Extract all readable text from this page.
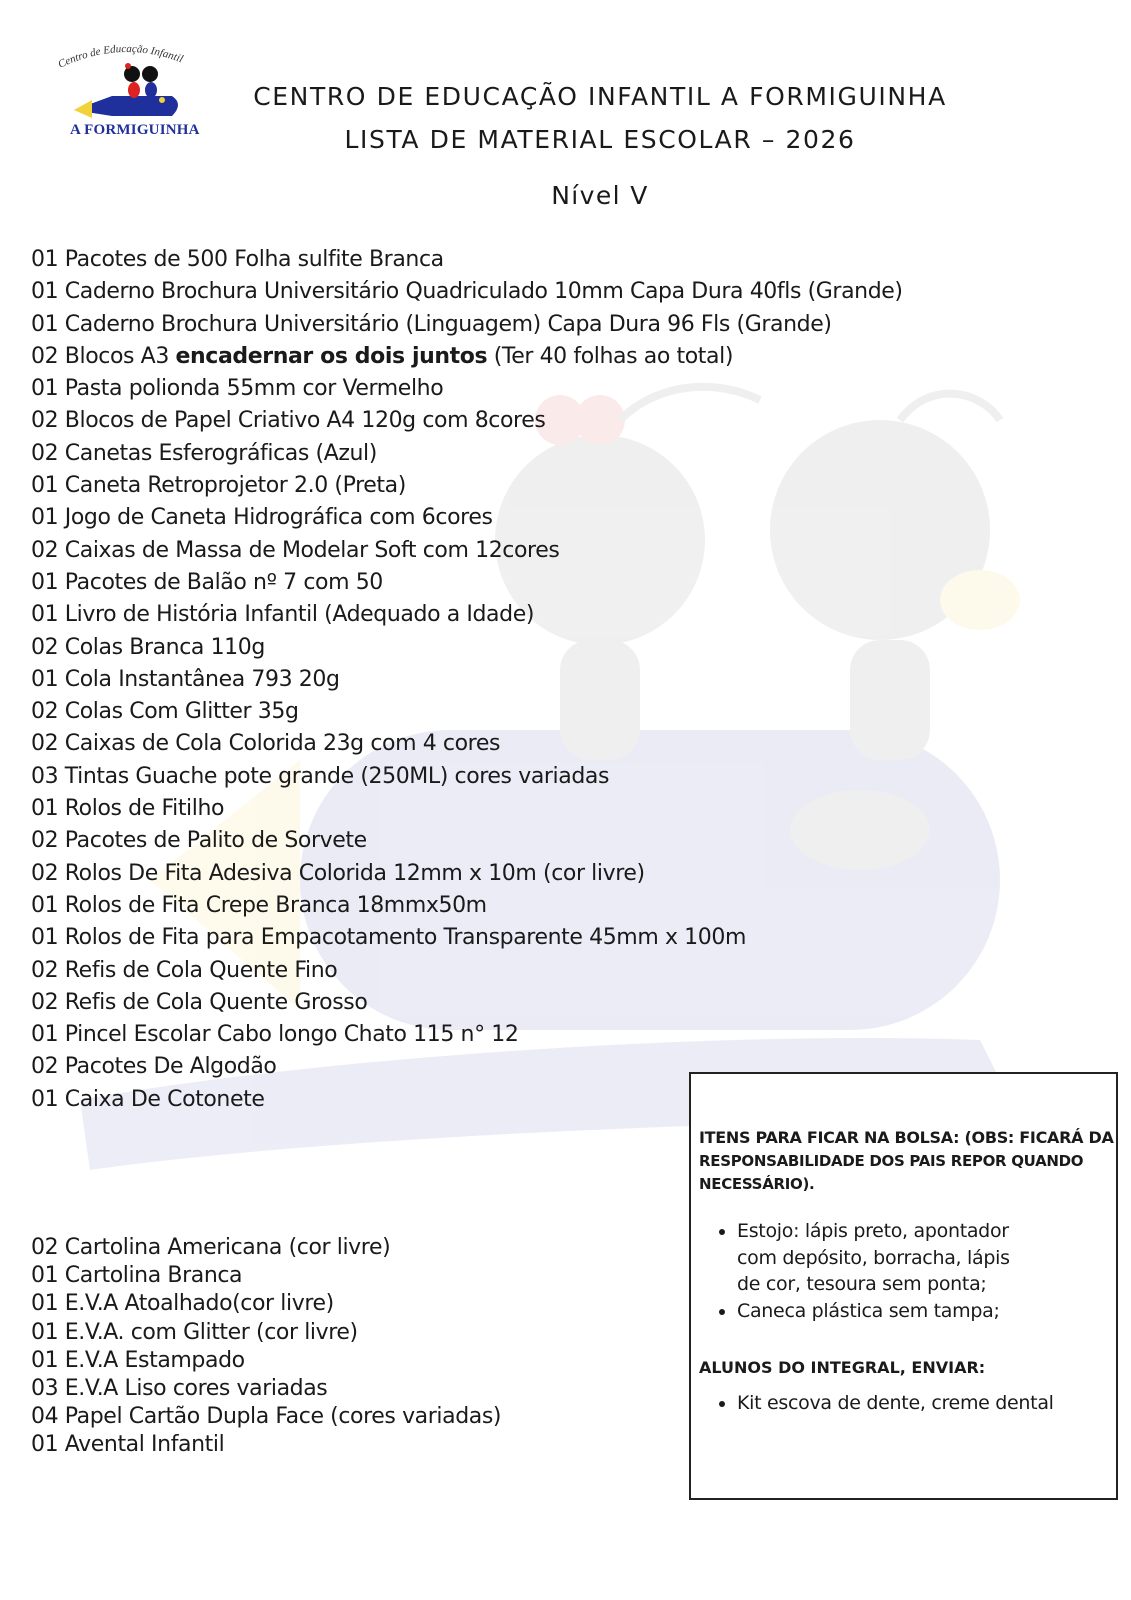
Centro de Educação Infantil
A FORMIGUINHA
CENTRO DE EDUCAÇÃO INFANTIL A FORMIGUINHA
LISTA DE MATERIAL ESCOLAR – 2026
Nível V
01 Pacotes de 500 Folha sulfite Branca
01 Caderno Brochura Universitário Quadriculado 10mm Capa Dura 40fls (Grande)
01 Caderno Brochura Universitário (Linguagem) Capa Dura 96 Fls (Grande)
02 Blocos A3 encadernar os dois juntos (Ter 40 folhas ao total)
01 Pasta polionda 55mm cor Vermelho
02 Blocos de Papel Criativo A4 120g com 8cores
02 Canetas Esferográficas (Azul)
01 Caneta Retroprojetor 2.0 (Preta)
01 Jogo de Caneta Hidrográfica com 6cores
02 Caixas de Massa de Modelar Soft com 12cores
01 Pacotes de Balão nº 7 com 50
01 Livro de História Infantil (Adequado a Idade)
02 Colas Branca 110g
01 Cola Instantânea 793 20g
02 Colas Com Glitter 35g
02 Caixas de Cola Colorida 23g com 4 cores
03 Tintas Guache pote grande (250ML) cores variadas
01 Rolos de Fitilho
02 Pacotes de Palito de Sorvete
02 Rolos De Fita Adesiva Colorida 12mm x 10m (cor livre)
01 Rolos de Fita Crepe Branca 18mmx50m
01 Rolos de Fita para Empacotamento Transparente 45mm x 100m
02 Refis de Cola Quente Fino
02 Refis de Cola Quente Grosso
01 Pincel Escolar Cabo longo Chato 115 n° 12
02 Pacotes De Algodão
01 Caixa De Cotonete
02 Cartolina Americana (cor livre)
01 Cartolina Branca
01 E.V.A Atoalhado(cor livre)
01 E.V.A. com Glitter (cor livre)
01 E.V.A Estampado
03 E.V.A Liso cores variadas
04 Papel Cartão Dupla Face (cores variadas)
01 Avental Infantil

ITENS PARA FICAR NA BOLSA: (OBS: FICARÁ DA
RESPONSABILIDADE DOS PAIS REPOR QUANDO NECESSÁRIO).

• Estojo: lápis preto, apontador com depósito, borracha, lápis de cor, tesoura sem ponta;
• Caneca plástica sem tampa;

ALUNOS DO INTEGRAL, ENVIAR:

• Kit escova de dente, creme dental
